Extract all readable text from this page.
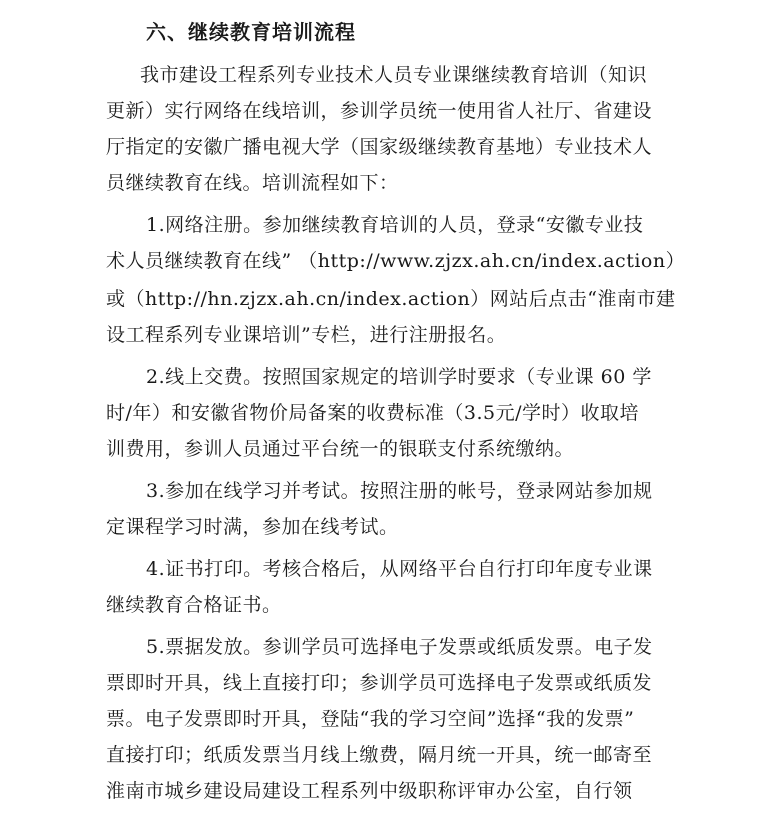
六、继续教育培训流程
我市建设工程系列专业技术人员专业课继续教育培训（知识
更新）实行网络在线培训，参训学员统一使用省人社厅、省建设
厅指定的安徽广播电视大学（国家级继续教育基地）专业技术人
员继续教育在线。培训流程如下：
1.网络注册。参加继续教育培训的人员，登录“安徽专业技
术人员继续教育在线” （http://www.zjzx.ah.cn/index.action）
或（http://hn.zjzx.ah.cn/index.action）网站后点击“淮南市建
设工程系列专业课培训”专栏，进行注册报名。
2.线上交费。按照国家规定的培训学时要求（专业课 60 学
时/年）和安徽省物价局备案的收费标准（3.5元/学时）收取培
训费用，参训人员通过平台统一的银联支付系统缴纳。
3.参加在线学习并考试。按照注册的帐号，登录网站参加规
定课程学习时满，参加在线考试。
4.证书打印。考核合格后，从网络平台自行打印年度专业课
继续教育合格证书。
5.票据发放。参训学员可选择电子发票或纸质发票。电子发
票即时开具，线上直接打印；参训学员可选择电子发票或纸质发
票。电子发票即时开具，登陆“我的学习空间”选择“我的发票”
直接打印；纸质发票当月线上缴费，隔月统一开具，统一邮寄至
淮南市城乡建设局建设工程系列中级职称评审办公室，自行领
